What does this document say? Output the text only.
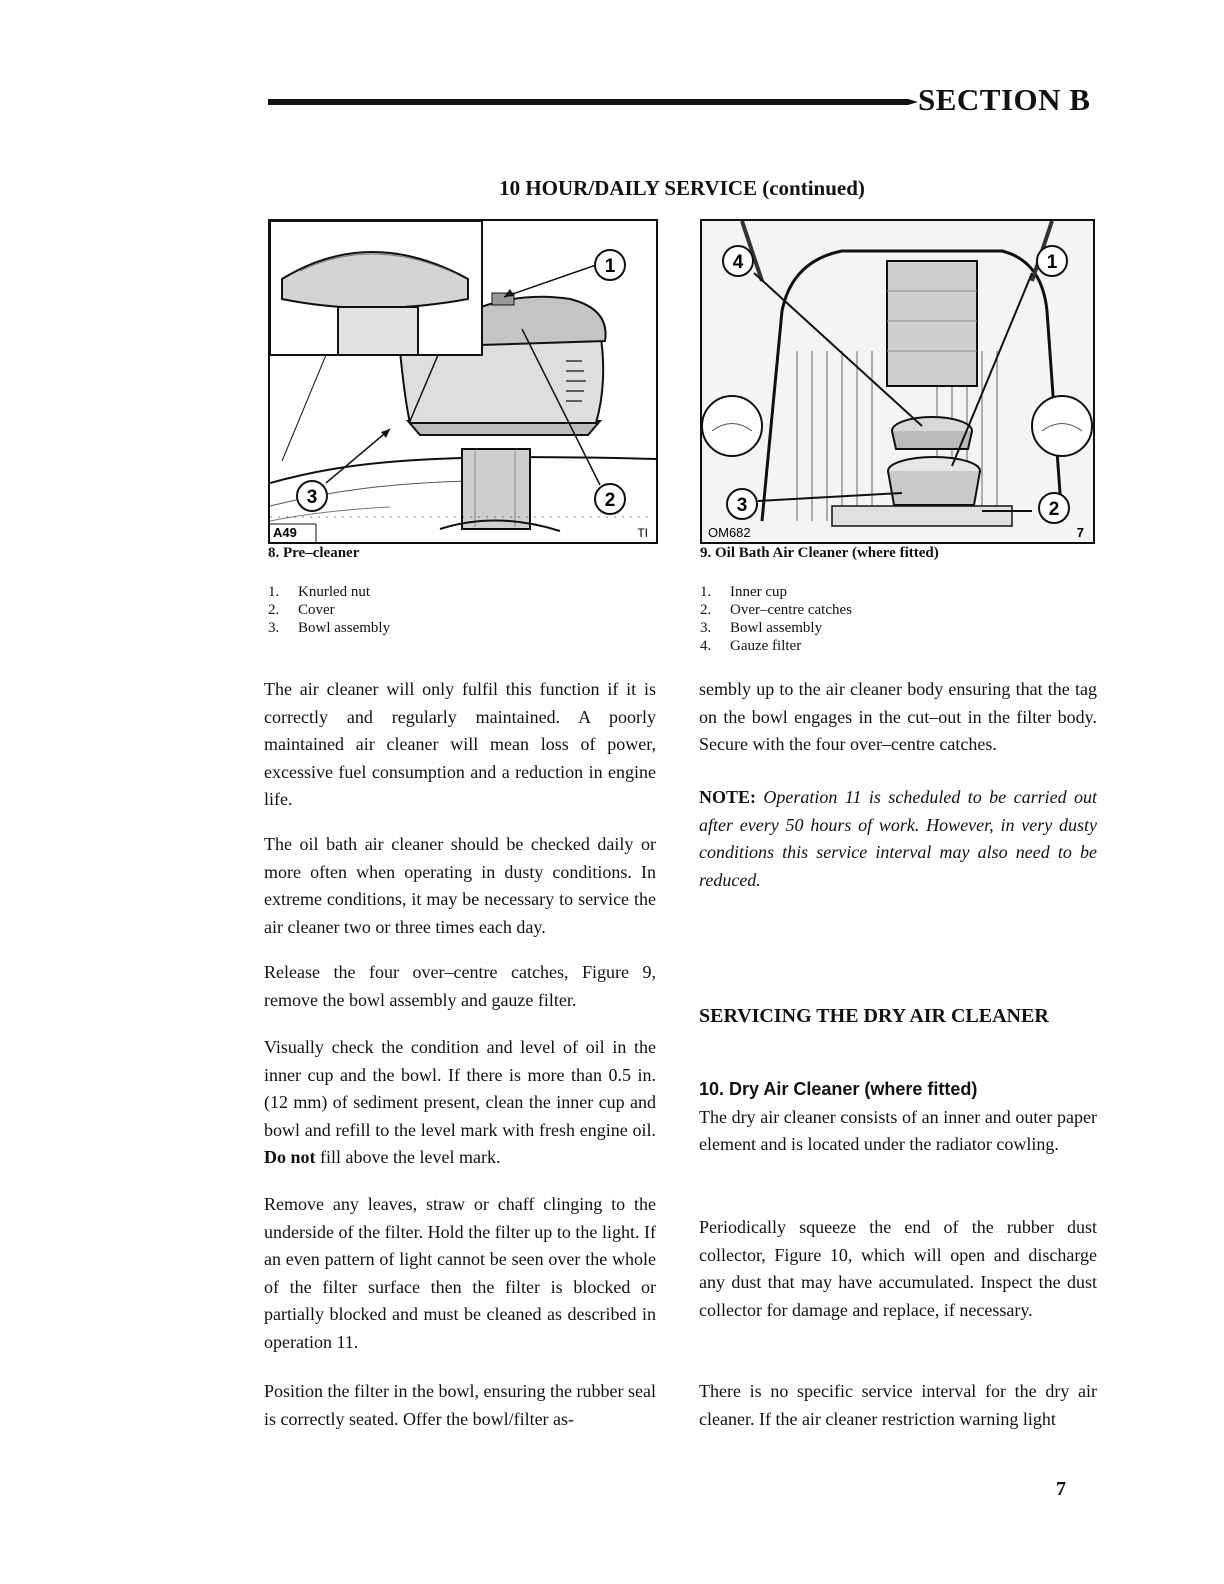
SECTION B
10 HOUR/DAILY SERVICE (continued)
1
2
3
A49	TI
8. Pre–cleaner
1.	Knurled nut
2.	Cover
3.	Bowl assembly
4	1
3	2
OM682	7
9. Oil Bath Air Cleaner (where fitted)
1.	Inner cup
2.	Over–centre catches
3.	Bowl assembly
4.	Gauze filter

The air cleaner will only fulfil this function if it is correctly and regularly maintained. A poorly maintained air cleaner will mean loss of power, excessive fuel consumption and a reduction in engine life.

The oil bath air cleaner should be checked daily or more often when operating in dusty conditions. In extreme conditions, it may be necessary to service the air cleaner two or three times each day.

Release the four over–centre catches, Figure 9, remove the bowl assembly and gauze filter.

Visually check the condition and level of oil in the inner cup and the bowl. If there is more than 0.5 in. (12 mm) of sediment present, clean the inner cup and bowl and refill to the level mark with fresh engine oil. Do not fill above the level mark.

Remove any leaves, straw or chaff clinging to the underside of the filter. Hold the filter up to the light. If an even pattern of light cannot be seen over the whole of the filter surface then the filter is blocked or partially blocked and must be cleaned as described in operation 11.

Position the filter in the bowl, ensuring the rubber seal is correctly seated. Offer the bowl/filter as-

sembly up to the air cleaner body ensuring that the tag on the bowl engages in the cut–out in the filter body. Secure with the four over–centre catches.

NOTE: Operation 11 is scheduled to be carried out after every 50 hours of work. However, in very dusty conditions this service interval may also need to be reduced.

SERVICING THE DRY AIR CLEANER
10. Dry Air Cleaner (where fitted)

The dry air cleaner consists of an inner and outer paper element and is located under the radiator cowling.

Periodically squeeze the end of the rubber dust collector, Figure 10, which will open and discharge any dust that may have accumulated. Inspect the dust collector for damage and replace, if necessary.

There is no specific service interval for the dry air cleaner. If the air cleaner restriction warning light

7
